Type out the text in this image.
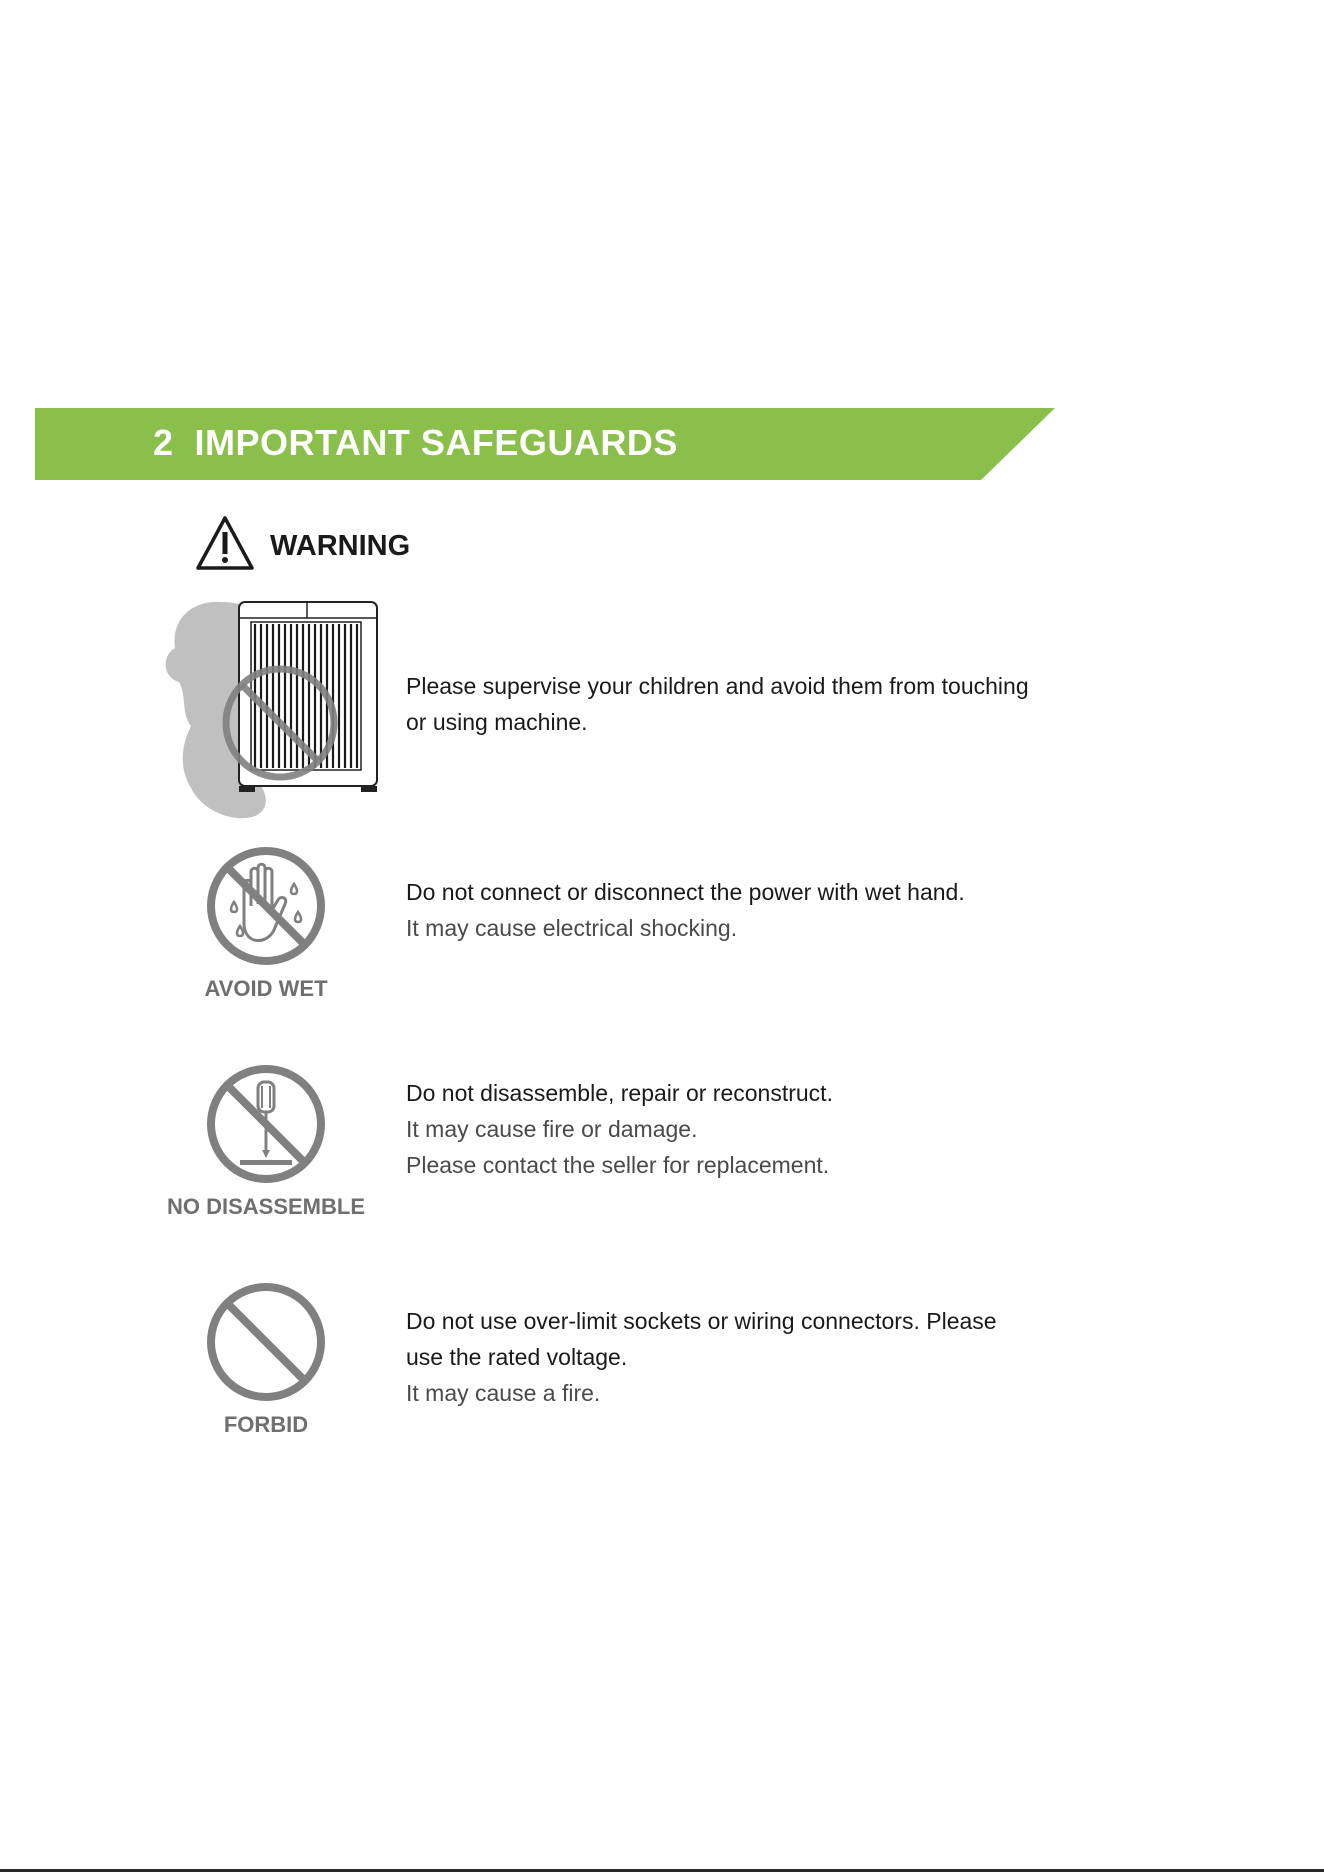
2 IMPORTANT SAFEGUARDS
WARNING
Please supervise your children and avoid them from touching
or using machine.
AVOID WET
Do not connect or disconnect the power with wet hand.
It may cause electrical shocking.
NO DISASSEMBLE
Do not disassemble, repair or reconstruct.
It may cause fire or damage.
Please contact the seller for replacement.
FORBID
Do not use over-limit sockets or wiring connectors. Please
use the rated voltage.
It may cause a fire.
